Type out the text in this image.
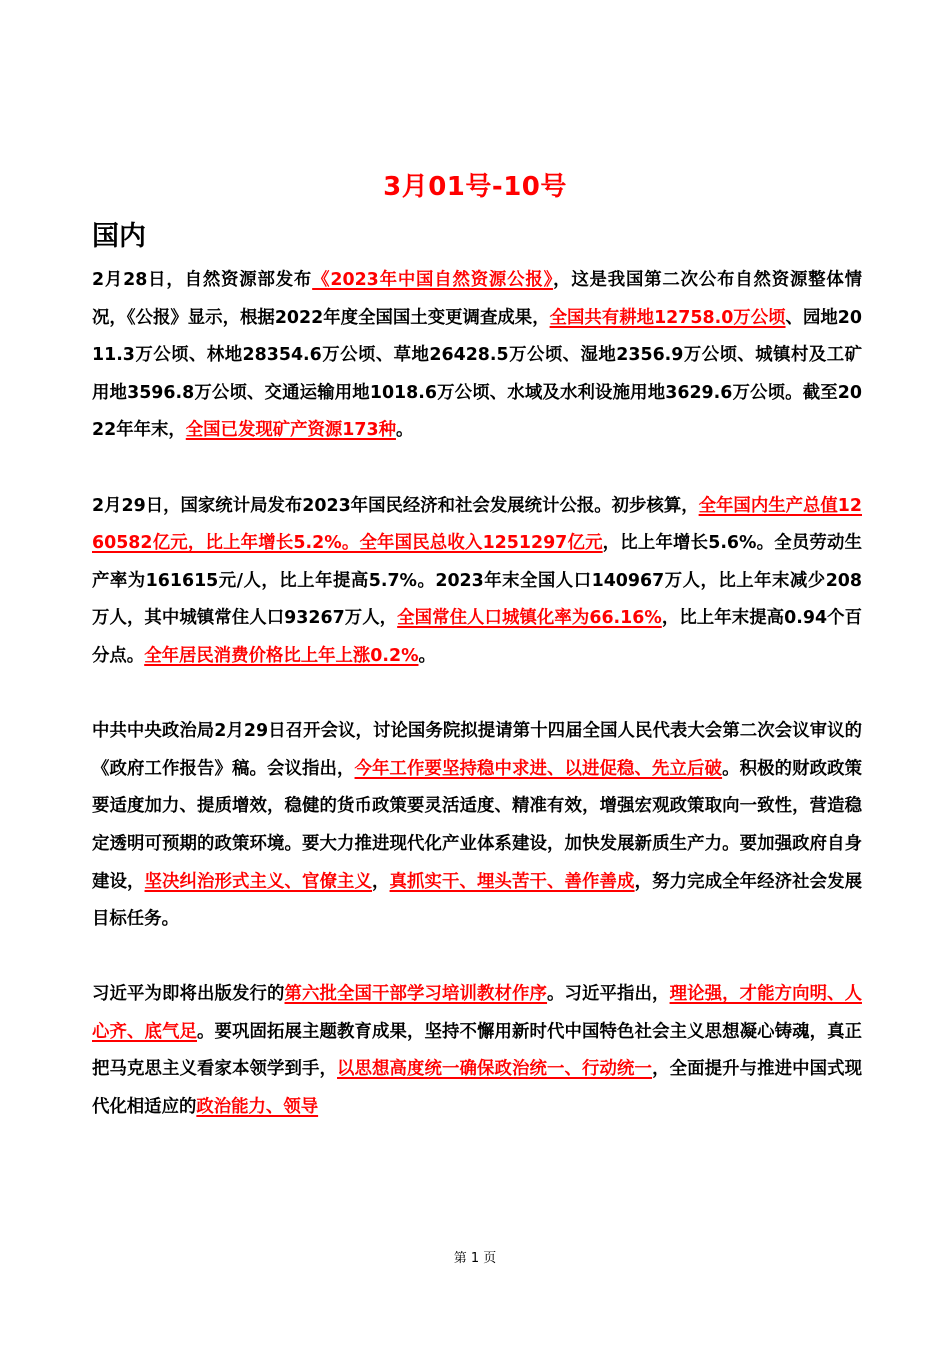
3月01号-10号
国内

2月28日，自然资源部发布《2023年中国自然资源公报》，这是我国第二次公布自然资源整体情况，《公报》显示，根据2022年度全国国土变更调查成果，全国共有耕地12758.0万公顷、园地2011.3万公顷、林地28354.6万公顷、草地26428.5万公顷、湿地2356.9万公顷、城镇村及工矿用地3596.8万公顷、交通运输用地1018.6万公顷、水域及水利设施用地3629.6万公顷。截至2022年年末，全国已发现矿产资源173种。

2月29日，国家统计局发布2023年国民经济和社会发展统计公报。初步核算，全年国内生产总值1260582亿元，比上年增长5.2%。全年国民总收入1251297亿元，比上年增长5.6%。全员劳动生产率为161615元/人，比上年提高5.7%。2023年末全国人口140967万人，比上年末减少208万人，其中城镇常住人口93267万人，全国常住人口城镇化率为66.16%，比上年末提高0.94个百分点。全年居民消费价格比上年上涨0.2%。

中共中央政治局2月29日召开会议，讨论国务院拟提请第十四届全国人民代表大会第二次会议审议的《政府工作报告》稿。会议指出，今年工作要坚持稳中求进、以进促稳、先立后破。积极的财政政策要适度加力、提质增效，稳健的货币政策要灵活适度、精准有效，增强宏观政策取向一致性，营造稳定透明可预期的政策环境。要大力推进现代化产业体系建设，加快发展新质生产力。要加强政府自身建设，坚决纠治形式主义、官僚主义，真抓实干、埋头苦干、善作善成，努力完成全年经济社会发展目标任务。

习近平为即将出版发行的第六批全国干部学习培训教材作序。习近平指出，理论强，才能方向明、人心齐、底气足。要巩固拓展主题教育成果，坚持不懈用新时代中国特色社会主义思想凝心铸魂，真正把马克思主义看家本领学到手，以思想高度统一确保政治统一、行动统一，全面提升与推进中国式现代化相适应的政治能力、领导

第 1 页
